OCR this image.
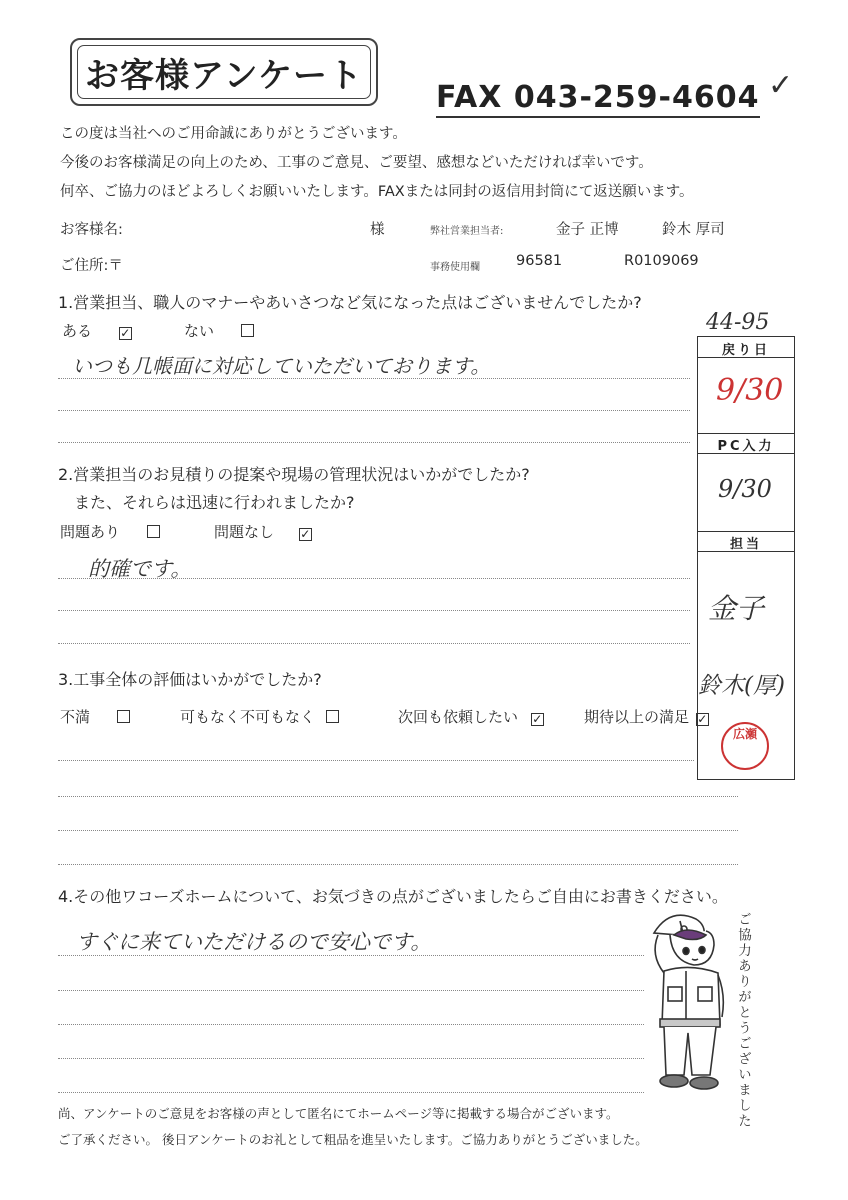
お客様アンケート
FAX 043-259-4604 ✓
この度は当社へのご用命誠にありがとうございます。
今後のお客様満足の向上のため、工事のご意見、ご要望、感想などいただければ幸いです。
何卒、ご協力のほどよろしくお願いいたします。FAXまたは同封の返信用封筒にて返送願います。
お客様名:	様	弊社営業担当者:	金子 正博	鈴木 厚司
ご住所:〒	事務使用欄 96581	R0109069
1.営業担当、職人のマナーやあいさつなど気になった点はございませんでしたか?
ある ✓	ない
いつも几帳面に対応していただいております。
2.営業担当のお見積りの提案や現場の管理状況はいかがでしたか?
また、それらは迅速に行われましたか?
問題あり	問題なし ✓
的確です。
3.工事全体の評価はいかがでしたか?
不満	可もなく不可もなく	次回も依頼したい ✓	期待以上の満足 ✓
4.その他ワコーズホームについて、お気づきの点がございましたらご自由にお書きください。
すぐに来ていただけるので安心です。
44-95
戻り日
9/30
PC入力
9/30
担当
金子
鈴木(厚)
広瀬
ご協力ありがとうございました
尚、アンケートのご意見をお客様の声として匿名にてホームページ等に掲載する場合がございます。
ご了承ください。 後日アンケートのお礼として粗品を進呈いたします。ご協力ありがとうございました。
